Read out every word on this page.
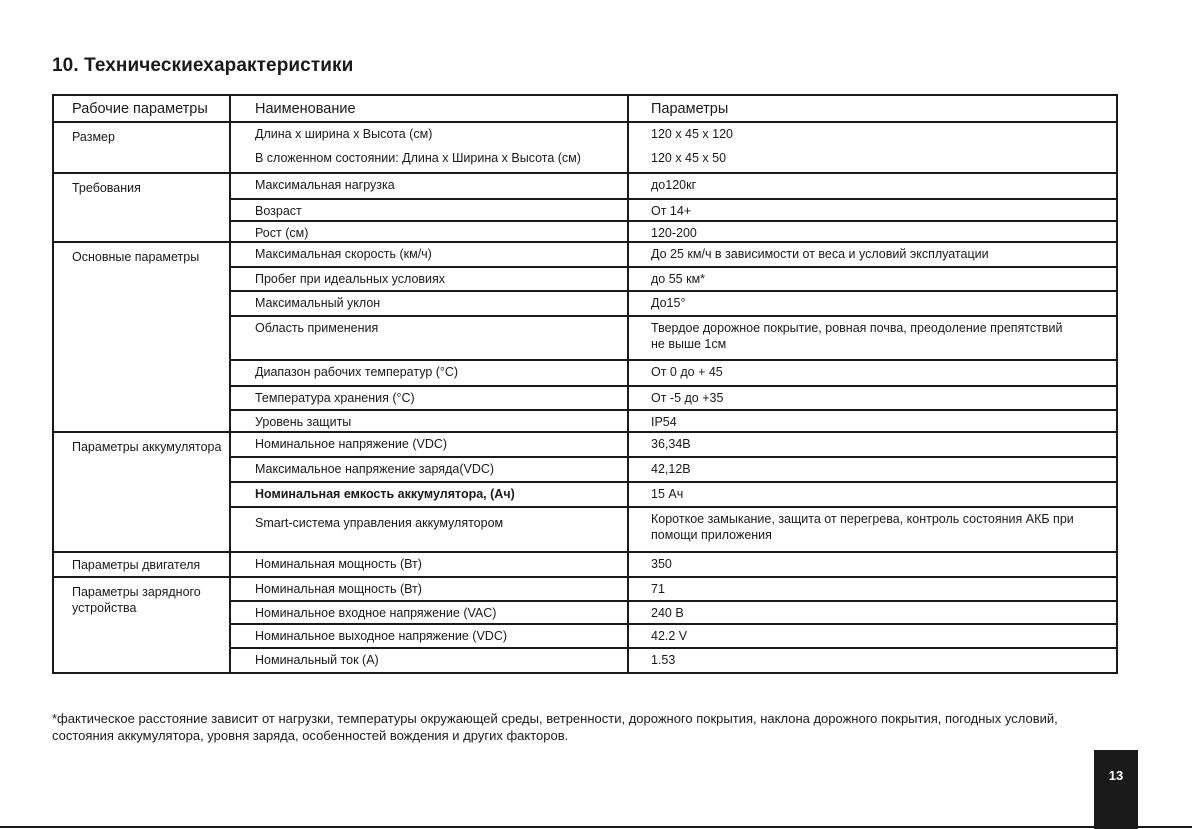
10. Техническиехарактеристики
Рабочие параметры	Наименование	Параметры
Размер	Длина х ширина х Высота (см)	120 х 45 х 120
	В сложенном состоянии: Длина х Ширина х Высота (см)	120 х 45 х 50
Требования	Максимальная нагрузка	до120кг
	Возраст	От 14+
	Рост (см)	120-200
Основные параметры	Максимальная скорость (км/ч)	До 25 км/ч в зависимости от веса и условий эксплуатации
	Пробег при идеальных условиях	до 55 км*
	Максимальный уклон	До15°
	Область применения	Твердое дорожное покрытие, ровная почва, преодоление препятствий не выше 1см
	Диапазон рабочих температур (°С)	От 0 до + 45
	Температура хранения (°С)	От -5 до +35
	Уровень защиты	IP54
Параметры аккумулятора	Номинальное напряжение (VDC)	36,34В
	Максимальное напряжение заряда(VDC)	42,12В
	Номинальная емкость аккумулятора, (Ач)	15 Ач
	Smart-система управления аккумулятором	Короткое замыкание, защита от перегрева, контроль состояния АКБ при помощи приложения
Параметры двигателя	Номинальная мощность (Вт)	350
Параметры зарядного устройства	Номинальная мощность (Вт)	71
	Номинальное входное напряжение (VAC)	240 В
	Номинальное выходное напряжение (VDC)	42.2 V
	Номинальный ток (A)	1.53

*фактическое расстояние зависит от нагрузки, температуры окружающей среды, ветренности, дорожного покрытия, наклона дорожного покрытия, погодных условий, состояния аккумулятора, уровня заряда, особенностей вождения и других факторов.

13
